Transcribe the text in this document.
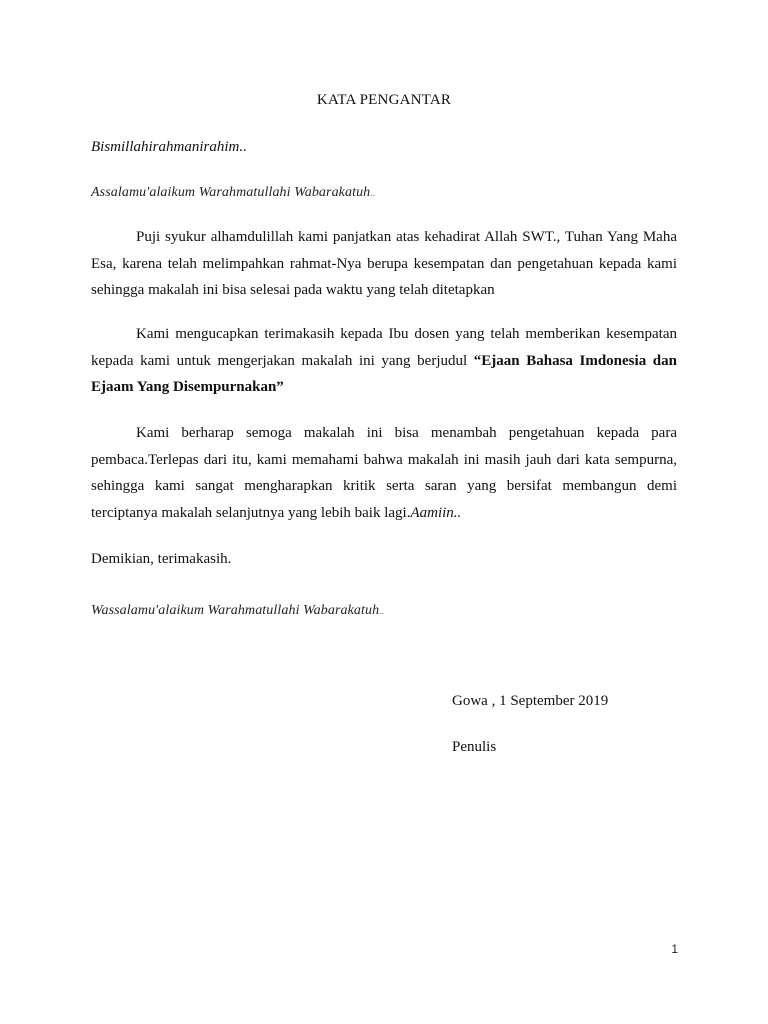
KATA PENGANTAR
Bismillahirahmanirahim..
Assalamu'alaikum Warahmatullahi Wabarakatuh..

Puji syukur alhamdulillah kami panjatkan atas kehadirat Allah SWT., Tuhan Yang Maha Esa, karena telah melimpahkan rahmat-Nya berupa kesempatan dan pengetahuan kepada kami sehingga makalah ini bisa selesai pada waktu yang telah ditetapkan

Kami mengucapkan terimakasih kepada Ibu dosen yang telah memberikan kesempatan kepada kami untuk mengerjakan makalah ini yang berjudul “Ejaan Bahasa Imdonesia dan Ejaam Yang Disempurnakan”

Kami berharap semoga makalah ini bisa menambah pengetahuan kepada para pembaca.Terlepas dari itu, kami memahami bahwa makalah ini masih jauh dari kata sempurna, sehingga kami sangat mengharapkan kritik serta saran yang bersifat membangun demi terciptanya makalah selanjutnya yang lebih baik lagi.Aamiin..

Demikian, terimakasih.
Wassalamu'alaikum Warahmatullahi Wabarakatuh..
Gowa , 1 September 2019
Penulis
1
